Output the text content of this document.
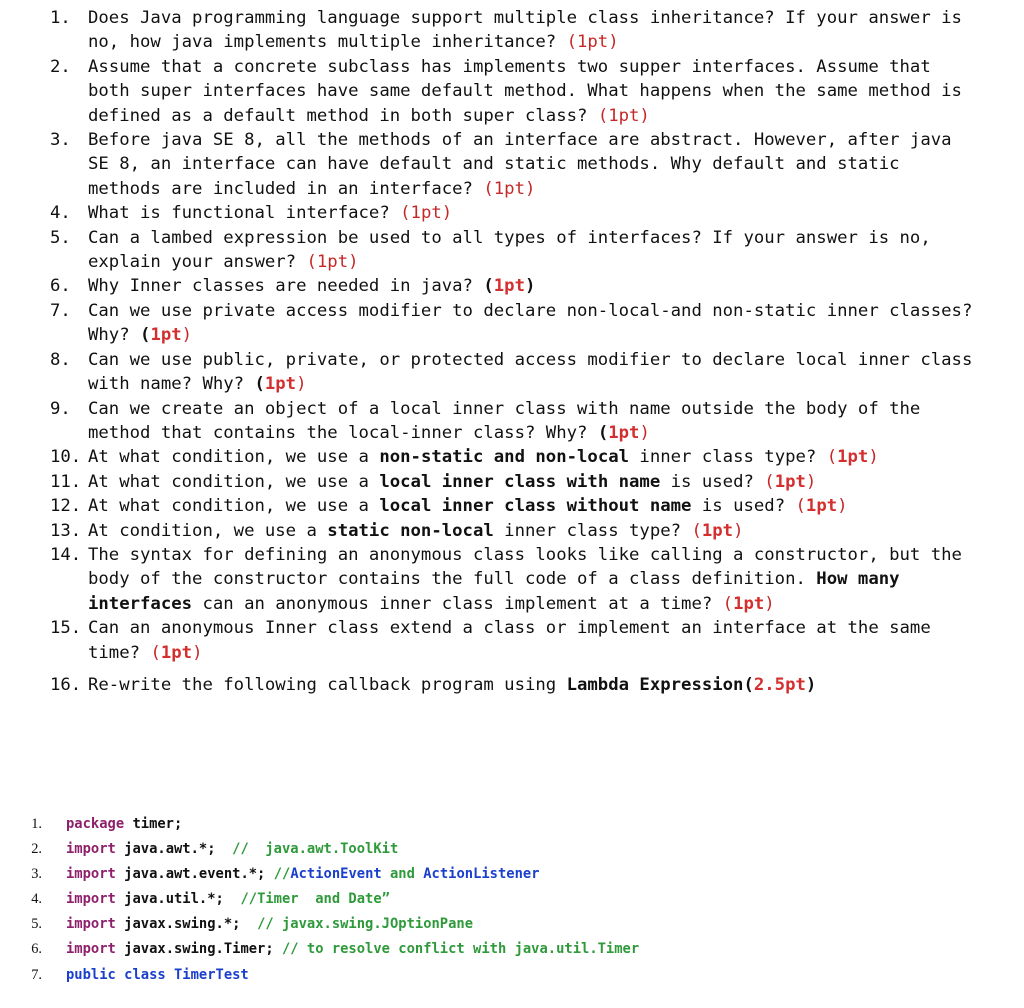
1. Does Java programming language support multiple class inheritance? If your answer is no, how java implements multiple inheritance? (1pt)
2. Assume that a concrete subclass has implements two supper interfaces. Assume that both super interfaces have same default method. What happens when the same method is defined as a default method in both super class? (1pt)
3. Before java SE 8, all the methods of an interface are abstract. However, after java SE 8, an interface can have default and static methods. Why default and static methods are included in an interface? (1pt)
4. What is functional interface? (1pt)
5. Can a lambed expression be used to all types of interfaces? If your answer is no, explain your answer? (1pt)
6. Why Inner classes are needed in java? (1pt)
7. Can we use private access modifier to declare non-local-and non-static inner classes? Why? (1pt)
8. Can we use public, private, or protected access modifier to declare local inner class with name? Why? (1pt)
9. Can we create an object of a local inner class with name outside the body of the method that contains the local-inner class? Why? (1pt)
10. At what condition, we use a non-static and non-local inner class type? (1pt)
11. At what condition, we use a local inner class with name is used? (1pt)
12. At what condition, we use a local inner class without name is used? (1pt)
13. At condition, we use a static non-local inner class type? (1pt)
14. The syntax for defining an anonymous class looks like calling a constructor, but the body of the constructor contains the full code of a class definition. How many interfaces can an anonymous inner class implement at a time? (1pt)
15. Can an anonymous Inner class extend a class or implement an interface at the same time? (1pt)
16. Re-write the following callback program using Lambda Expression(2.5pt)
1.	package timer;
2.	import java.awt.*;  //  java.awt.ToolKit
3.	import java.awt.event.*; //ActionEvent and ActionListener
4.	import java.util.*;  //Timer  and Date”
5.	import javax.swing.*;  // javax.swing.JOptionPane
6.	import javax.swing.Timer; // to resolve conflict with java.util.Timer
7.	public class TimerTest
